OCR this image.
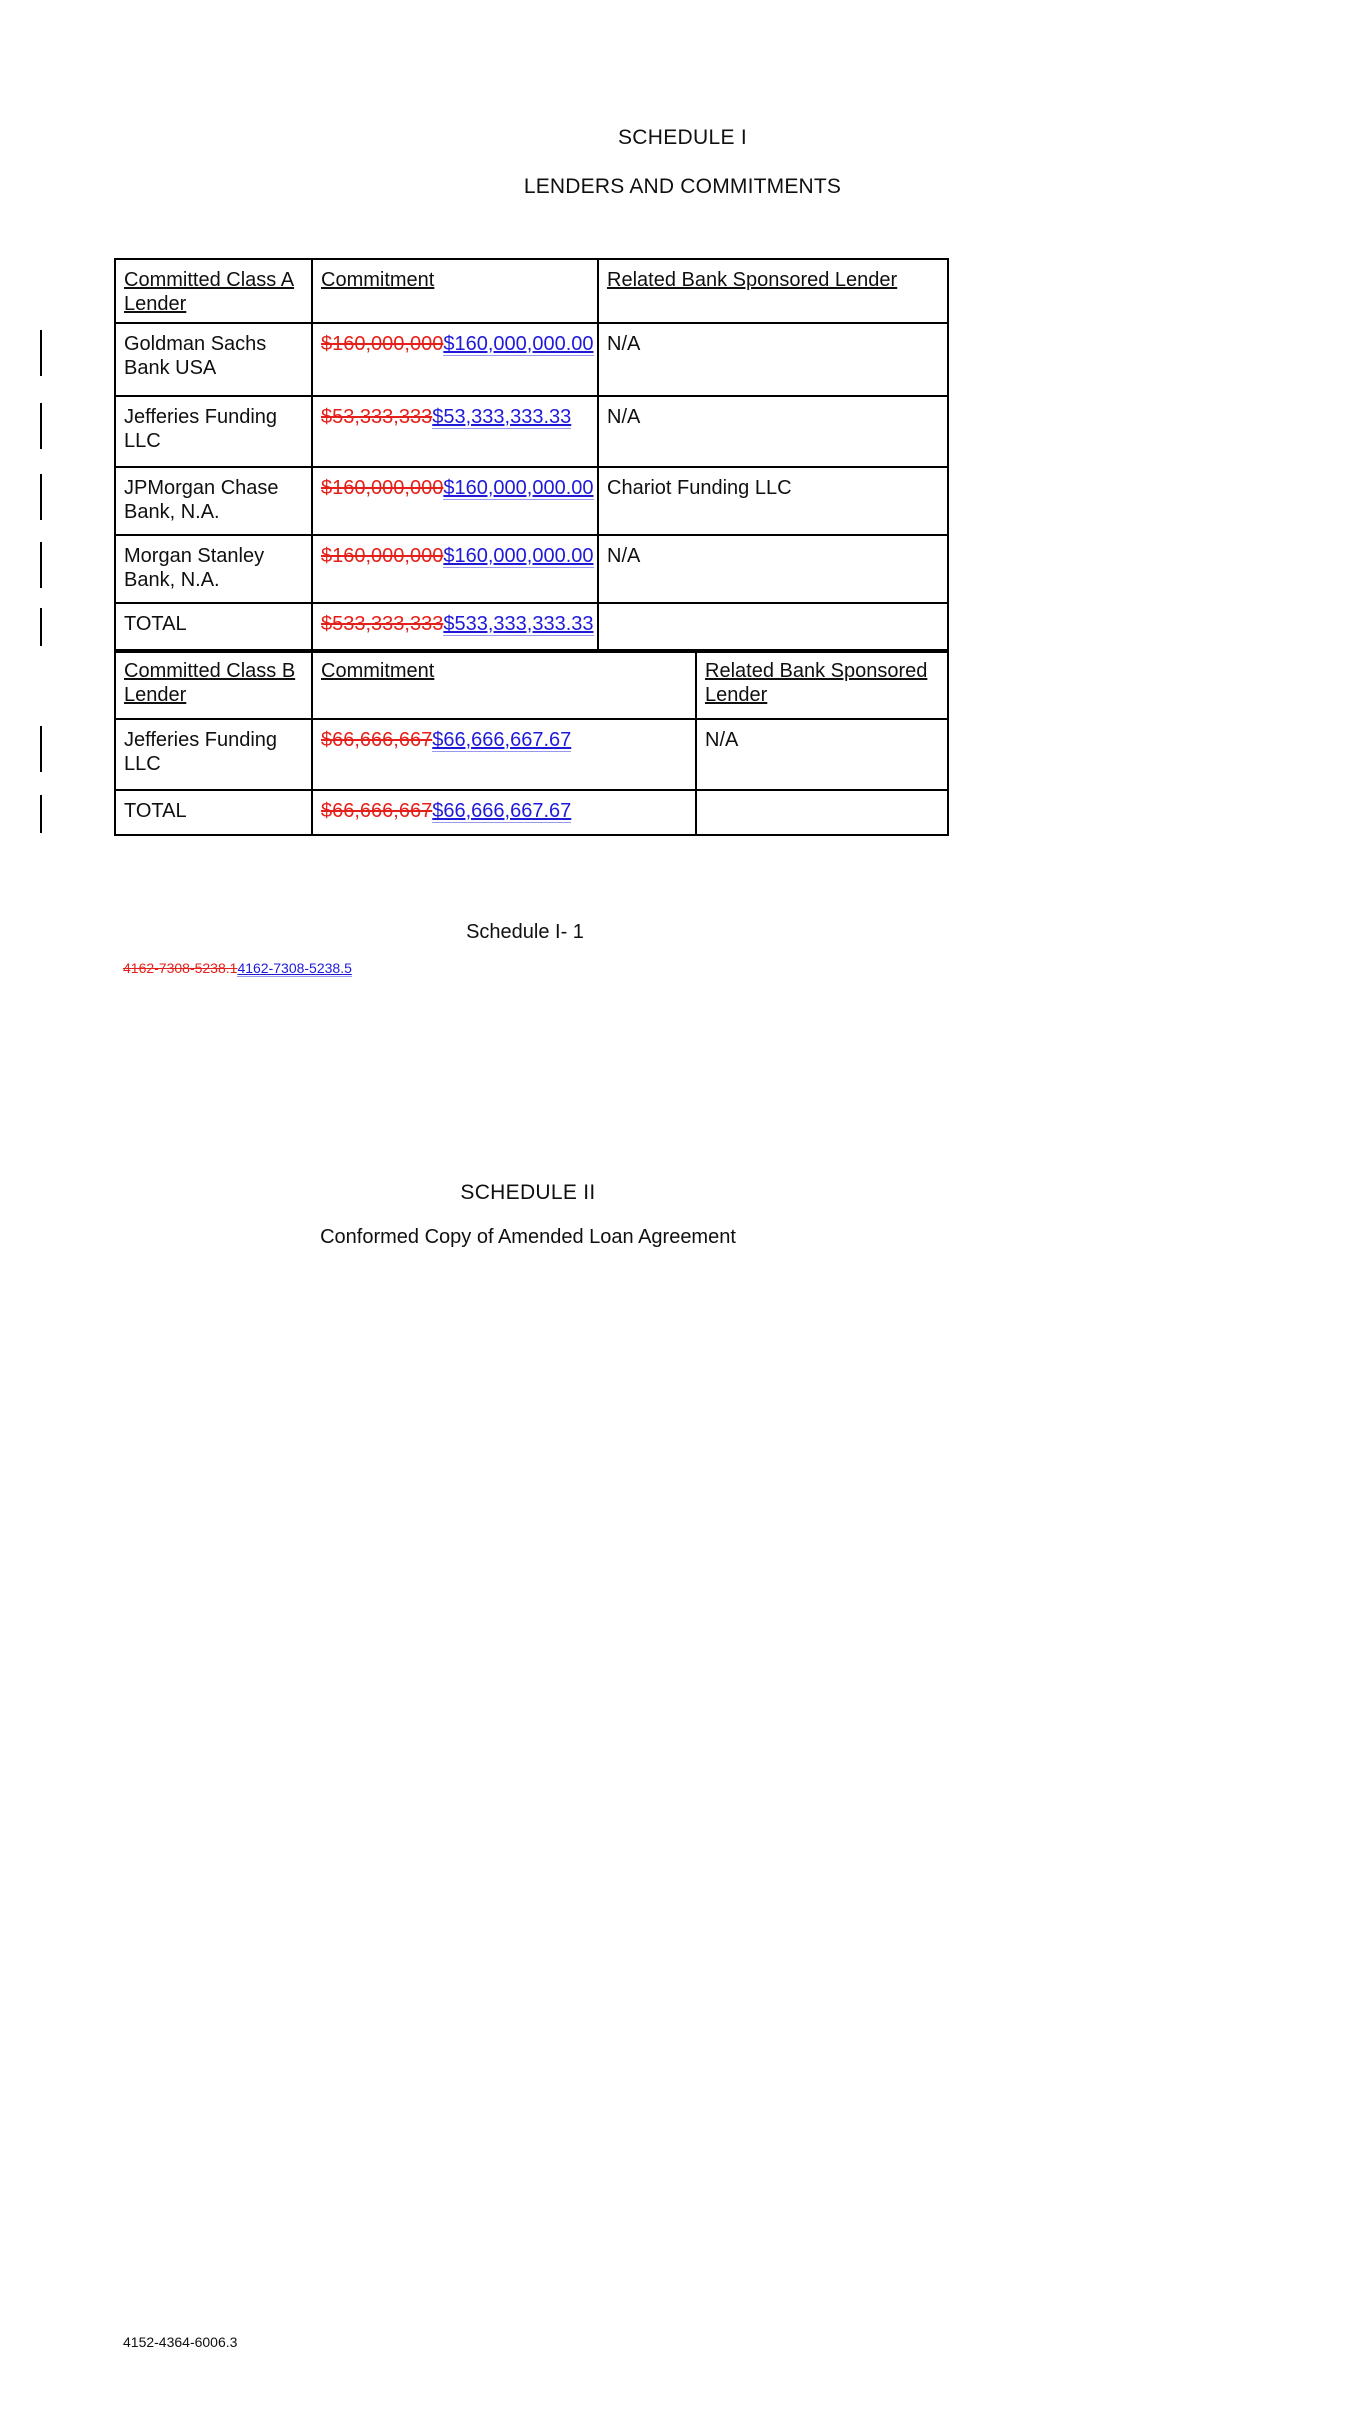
SCHEDULE I
LENDERS AND COMMITMENTS
Committed Class A Lender	Commitment	Related Bank Sponsored Lender
Goldman Sachs Bank USA	$160,000,000$160,000,000.00	N/A
Jefferies Funding LLC	$53,333,333$53,333,333.33	N/A
JPMorgan Chase Bank, N.A.	$160,000,000$160,000,000.00	Chariot Funding LLC
Morgan Stanley Bank, N.A.	$160,000,000$160,000,000.00	N/A
TOTAL	$533,333,333$533,333,333.33	
Committed Class B Lender	Commitment	Related Bank Sponsored Lender
Jefferies Funding LLC	$66,666,667$66,666,667.67	N/A
TOTAL	$66,666,667$66,666,667.67	
Schedule I- 1
4162-7308-5238.14162-7308-5238.5
SCHEDULE II
Conformed Copy of Amended Loan Agreement
4152-4364-6006.3
